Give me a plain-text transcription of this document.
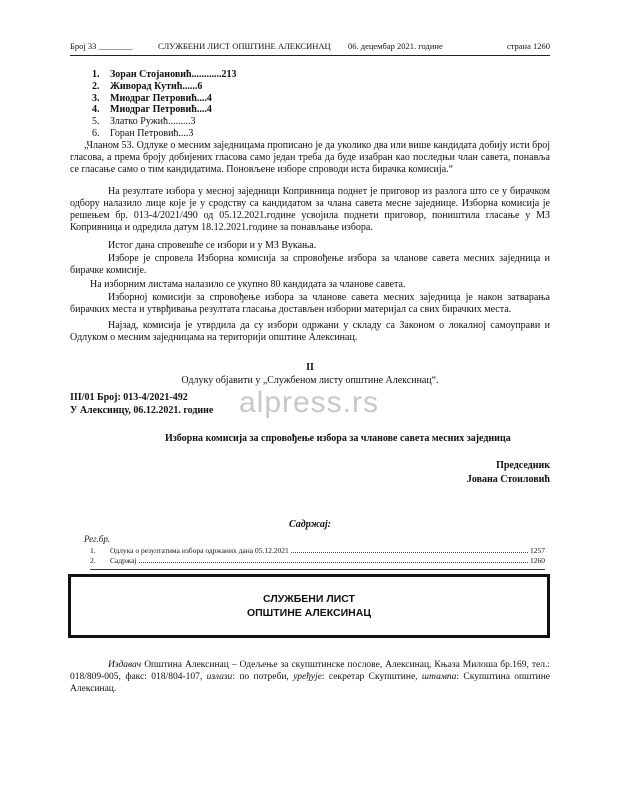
Број 33 ________	СЛУЖБЕНИ ЛИСТ ОПШТИНЕ АЛЕКСИНАЦ 06. децембар 2021. године	страна 1260
1. Зоран Стојановић............213
2. Живорад Кутић......6
3. Миодраг Петровић....4
4. Миодраг Петровић....4
5. Златко Ружић.........3
6. Горан Петровић....3

„Чланом 53. Одлуке о месним заједницама прописано је да уколико два или више кандидата добију исти број гласова, а према броју добијених гласова само један треба да буде изабран као последњи члан савета, понавља се гласање само о тим кандидатима. Поновљене изборе спроводи иста бирачка комисија.“

На резултате избора у месној заједници Копривница поднет је приговор из разлога што се у бирачком одбору налазило лице које је у сродству са кандидатом за члана савета месне заједнице. Изборна комисија је решењем бр. 013-4/2021/490 од 05.12.2021.године усвојила поднети приговор, поништила гласање у МЗ Копривница и одредила датум 18.12.2021.године за понављање избора.

Истог дана спровешће се избори и у МЗ Вукања.

Изборе је спровела Изборна комисија за спровођење избора за чланове савета месних заједница и бирачке комисије.

На изборним листама налазило се укупно 80 кандидата за чланове савета.

Изборној комисији за спровођење избора за чланове савета месних заједница је након затварања бирачких места и утврђивања резултата гласања достављен изборни материјал са свих бирачких места.

Најзад, комисија је утврдила да су избори одржани у складу са Законом о локалној самоуправи и Одлуком о месним заједницама на територији општине Алексинац.

II

Одлуку објавити у „Службеном листу општине Алексинац“.

III/01 Број: 013-4/2021-492

У Алексинцу, 06.12.2021. године alpress.rs

Изборна комисија за спровођење избора за чланове савета месних заједница

Председник

Јована Стоиловић

Садржај:

Рег.бр.

1.	Одлука о резултатима избора одржаних дана 05.12.2021	1257
2.	Садржај	1260
СЛУЖБЕНИ ЛИСТ
ОПШТИНЕ АЛЕКСИНАЦ

Издавач Општина Алексинац – Одељење за скупштинске послове, Алексинац, Књаза Милоша бр.169, тел.: 018/809-005, факс: 018/804-107, излази: по потреби, уређује: секретар Скупштине, штампа: Скупштина општине Алексинац.
